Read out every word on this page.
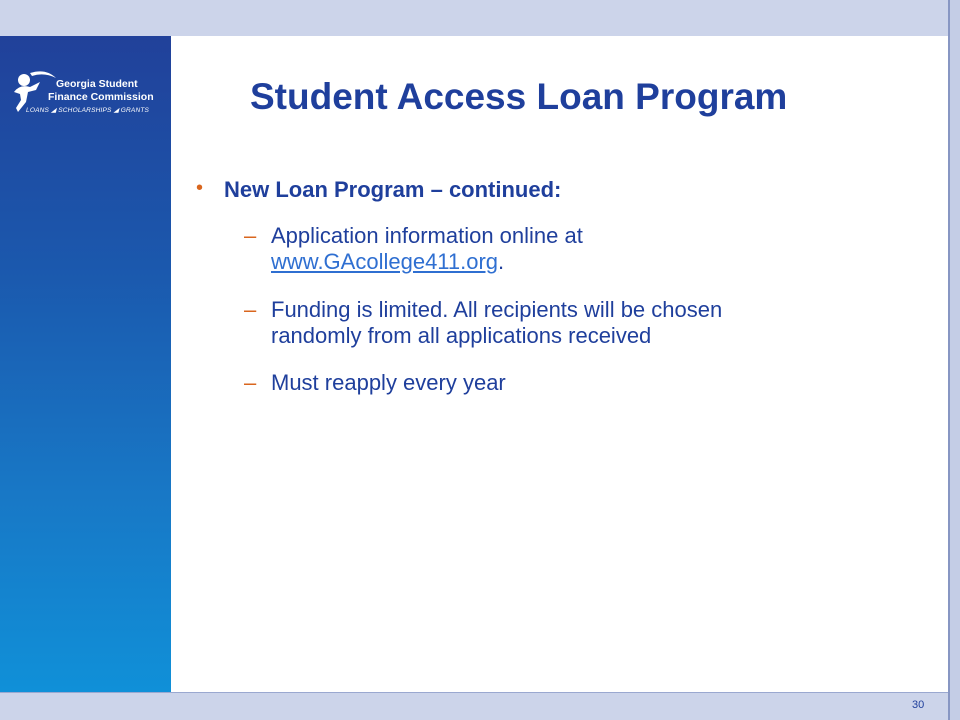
Georgia Student
Finance Commission
LOANS ◢ SCHOLARSHIPS ◢ GRANTS	Student Access Loan Program
• New Loan Program – continued:
– Application information online at
www.GAcollege411.org.
– Funding is limited. All recipients will be chosen
randomly from all applications received
– Must reapply every year
30
